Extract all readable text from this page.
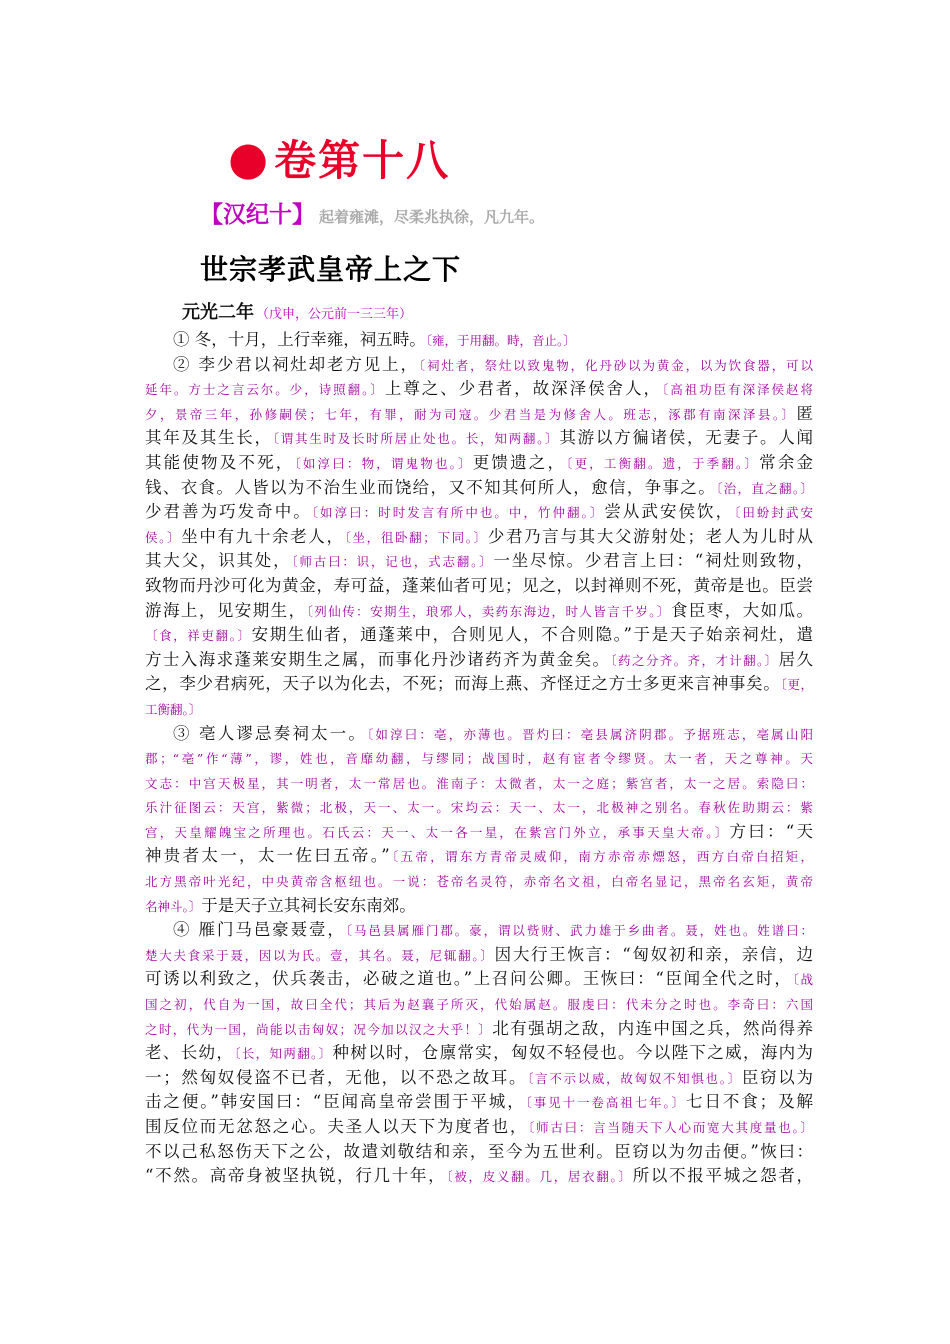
● 卷第十八
【汉纪十】 起着雍滩，尽柔兆执徐，凡九年。
世宗孝武皇帝上之下
元光二年 （戊申，公元前一三三年）
① 冬，十月，上行幸雍，祠五畤。〔雍，于用翻。畤，音止。〕
② 李少君以祠灶却老方见上，〔祠灶者，祭灶以致鬼物，化丹砂以为黄金，以为饮食器，可以
延年。方士之言云尔。少，诗照翻。〕上尊之、少君者，故深泽侯舍人，〔高祖功臣有深泽侯赵将
夕，景帝三年，孙修嗣侯；七年，有罪，耐为司寇。少君当是为修舍人。班志，涿郡有南深泽县。〕匿
其年及其生长，〔谓其生时及长时所居止处也。长，知两翻。〕其游以方徧诸侯，无妻子。人闻
其能使物及不死，〔如淳曰：物，谓鬼物也。〕更馈遗之，〔更，工衡翻。遗，于季翻。〕常余金
钱、衣食。人皆以为不治生业而饶给，又不知其何所人，愈信，争事之。〔治，直之翻。〕
少君善为巧发奇中。〔如淳曰：时时发言有所中也。中，竹仲翻。〕尝从武安侯饮，〔田蚡封武安
侯。〕坐中有九十余老人，〔坐，徂卧翻；下同。〕少君乃言与其大父游射处；老人为儿时从
其大父，识其处，〔师古曰：识，记也，式志翻。〕一坐尽惊。少君言上曰：“祠灶则致物，
致物而丹沙可化为黄金，寿可益，蓬莱仙者可见；见之，以封禅则不死，黄帝是也。臣尝
游海上，见安期生，〔列仙传：安期生，琅邪人，卖药东海边，时人皆言千岁。〕食臣枣，大如瓜。
〔食，祥吏翻。〕安期生仙者，通蓬莱中，合则见人，不合则隐。”于是天子始亲祠灶，遣
方士入海求蓬莱安期生之属，而事化丹沙诸药齐为黄金矣。〔药之分齐。齐，才计翻。〕居久
之，李少君病死，天子以为化去，不死；而海上燕、齐怪迂之方士多更来言神事矣。〔更，
工衡翻。〕
③ 亳人谬忌奏祠太一。〔如淳曰：亳，亦薄也。晋灼曰：亳县属济阴郡。予据班志，亳属山阳
郡；“亳”作“薄”，谬，姓也，音靡幼翻，与缪同；战国时，赵有宦者令缪贤。太一者，天之尊神。天
文志：中宫天极星，其一明者，太一常居也。淮南子：太微者，太一之庭；紫宫者，太一之居。索隐曰：
乐汁征图云：天宫，紫微；北极，天一、太一。宋均云：天一、太一，北极神之别名。春秋佐助期云：紫
宫，天皇耀魄宝之所理也。石氏云：天一、太一各一星，在紫宫门外立，承事天皇大帝。〕方曰：“天
神贵者太一，太一佐曰五帝。”〔五帝，谓东方青帝灵威仰，南方赤帝赤熛怒，西方白帝白招矩，
北方黑帝叶光纪，中央黄帝含枢纽也。一说：苍帝名灵符，赤帝名文祖，白帝名显记，黑帝名玄矩，黄帝
名神斗。〕于是天子立其祠长安东南郊。
④ 雁门马邑豪聂壹，〔马邑县属雁门郡。豪，谓以赀财、武力雄于乡曲者。聂，姓也。姓谱曰：
楚大夫食采于聂，因以为氏。壹，其名。聂，尼辄翻。〕因大行王恢言：“匈奴初和亲，亲信，边
可诱以利致之，伏兵袭击，必破之道也。”上召问公卿。王恢曰：“臣闻全代之时，〔战
国之初，代自为一国，故曰全代；其后为赵襄子所灭，代始属赵。服虔曰：代未分之时也。李奇曰：六国
之时，代为一国，尚能以击匈奴；况今加以汉之大乎！〕北有强胡之敌，内连中国之兵，然尚得养
老、长幼，〔长，知两翻。〕种树以时，仓廪常实，匈奴不轻侵也。今以陛下之威，海内为
一；然匈奴侵盗不已者，无他，以不恐之故耳。〔言不示以威，故匈奴不知惧也。〕臣窃以为
击之便。”韩安国曰：“臣闻高皇帝尝围于平城，〔事见十一卷高祖七年。〕七日不食；及解
围反位而无忿怒之心。夫圣人以天下为度者也，〔师古曰：言当随天下人心而宽大其度量也。〕
不以己私怒伤天下之公，故遣刘敬结和亲，至今为五世利。臣窃以为勿击便。”恢曰：
“不然。高帝身被坚执锐，行几十年，〔被，皮义翻。几，居衣翻。〕所以不报平城之怨者，
